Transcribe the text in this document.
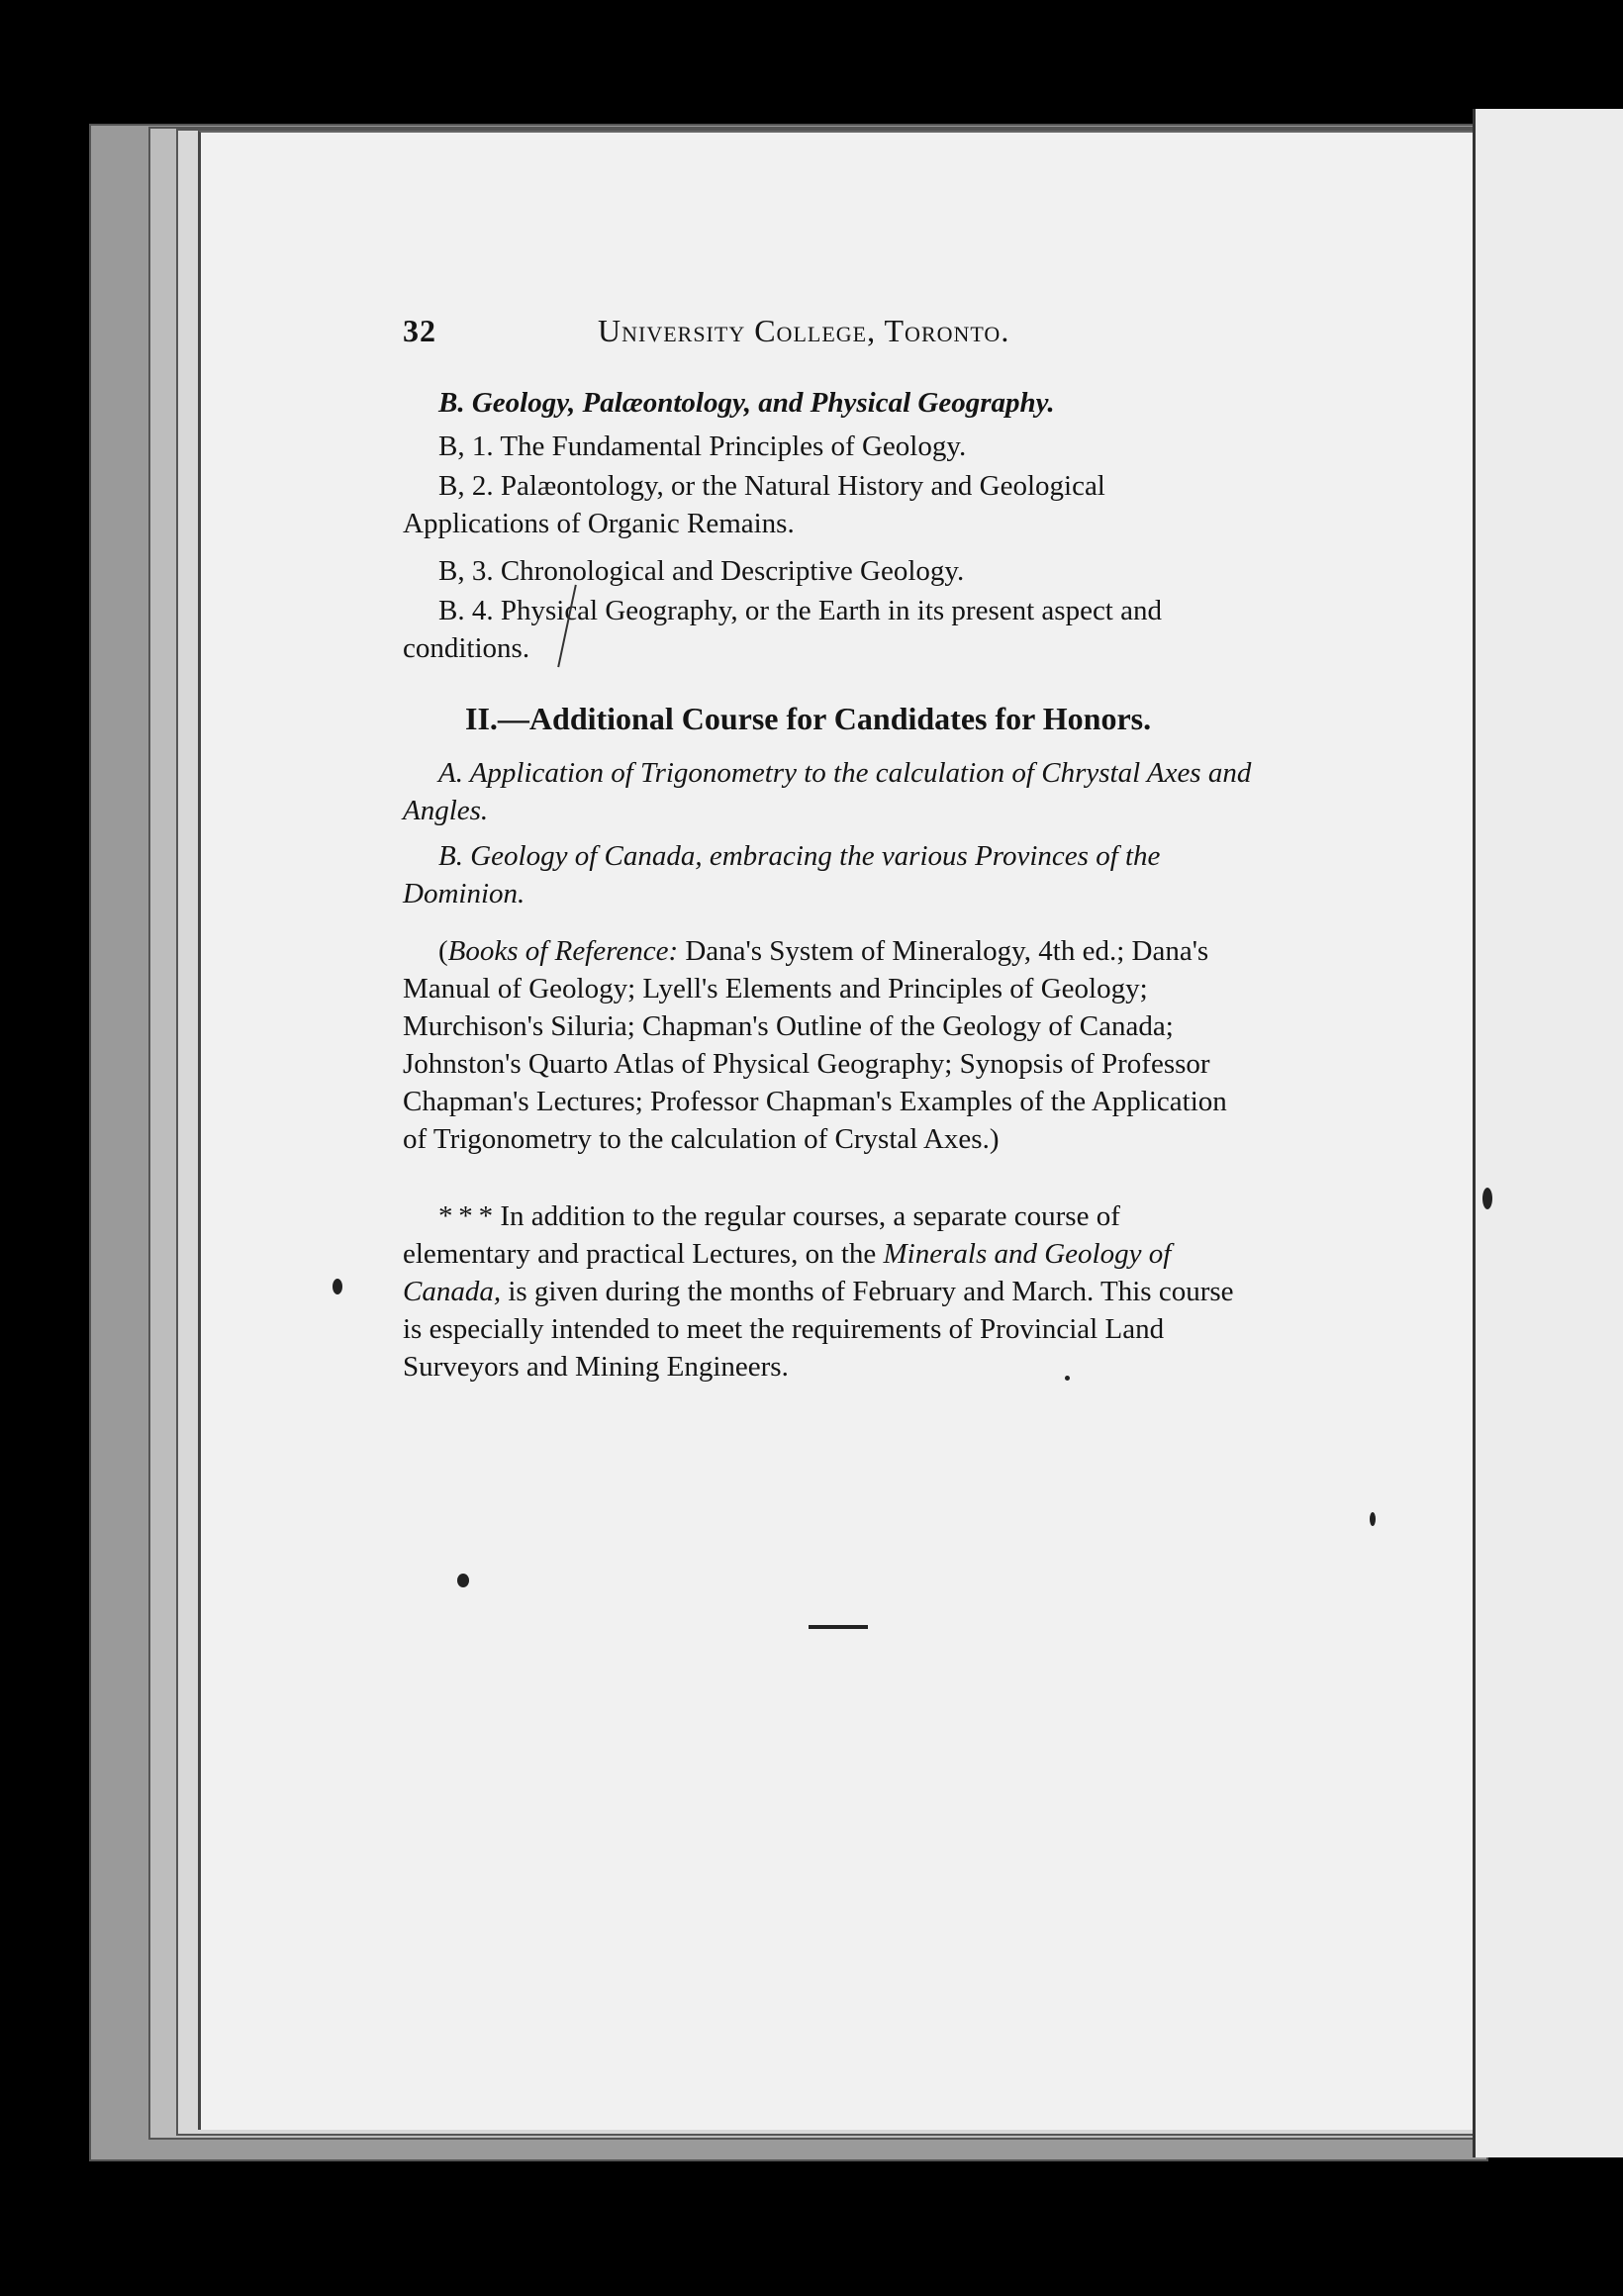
32	University College, Toronto.
B. Geology, Palæontology, and Physical Geography.
B, 1. The Fundamental Principles of Geology.
B, 2. Palæontology, or the Natural History and Geological Applications of Organic Remains.
B, 3. Chronological and Descriptive Geology.
B. 4. Physical Geography, or the Earth in its present aspect and conditions.
II.—Additional Course for Candidates for Honors.
A. Application of Trigonometry to the calculation of Chrystal Axes and Angles.
B. Geology of Canada, embracing the various Provinces of the Dominion.
(Books of Reference: Dana's System of Mineralogy, 4th ed.; Dana's Manual of Geology; Lyell's Elements and Principles of Geology; Murchison's Siluria; Chapman's Outline of the Geology of Canada; Johnston's Quarto Atlas of Physical Geography; Synopsis of Professor Chapman's Lectures; Professor Chapman's Examples of the Application of Trigonometry to the calculation of Crystal Axes.)
* * * In addition to the regular courses, a separate course of elementary and practical Lectures, on the Minerals and Geology of Canada, is given during the months of February and March. This course is especially intended to meet the requirements of Provincial Land Surveyors and Mining Engineers.
